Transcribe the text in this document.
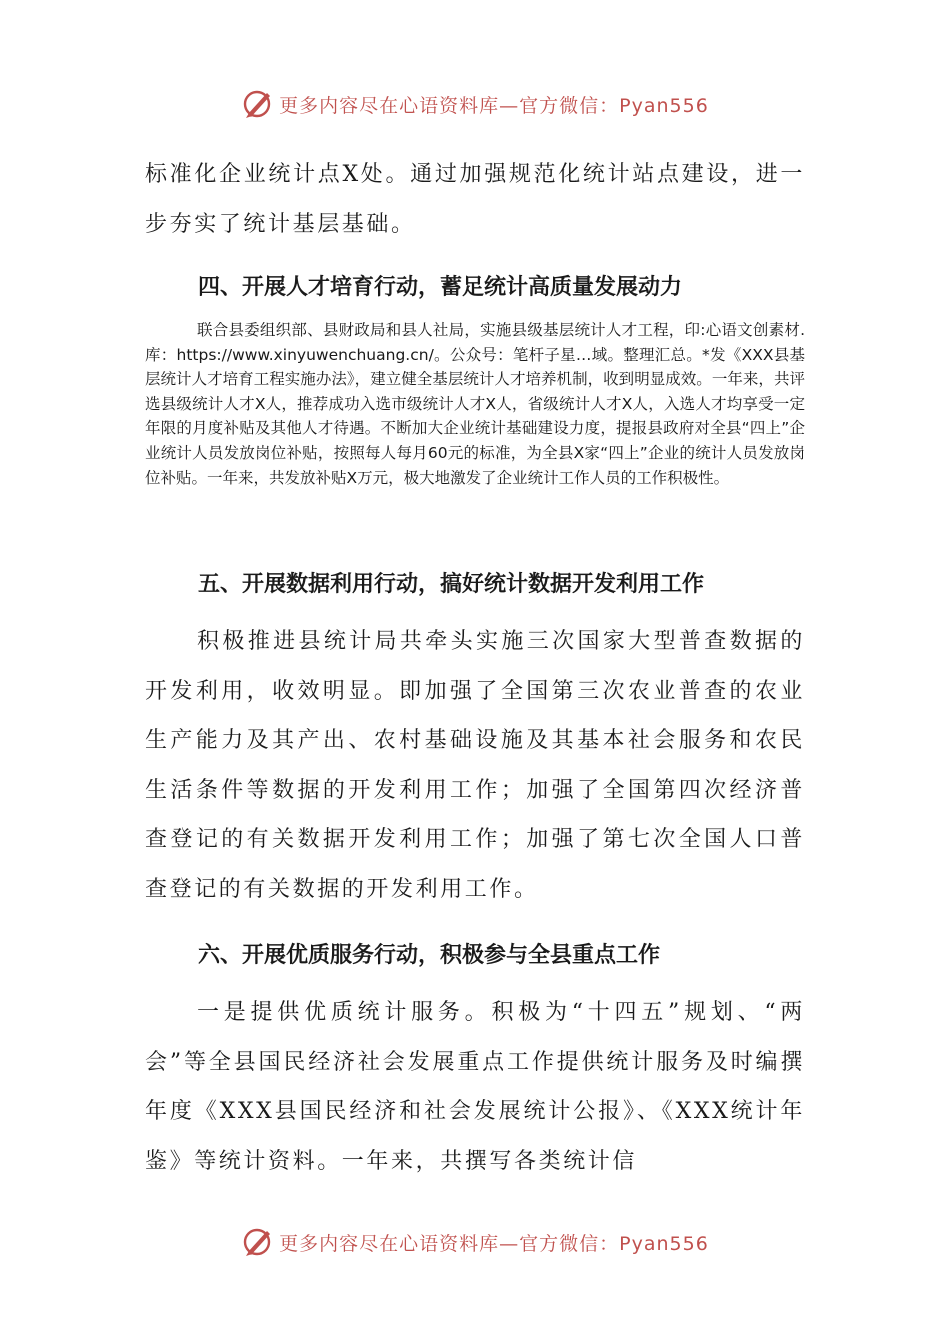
更多内容尽在心语资料库—官方微信：Pyan556

标准化企业统计点X处。通过加强规范化统计站点建设，进一步夯实了统计基层基础。

四、开展人才培育行动，蓄足统计高质量发展动力

联合县委组织部、县财政局和县人社局，实施县级基层统计人才工程，印:心语文创素材.库：https://www.xinyuwenchuang.cn/。公众号：笔杆子星…域。整理汇总。*发《XXX县基层统计人才培育工程实施办法》，建立健全基层统计人才培养机制，收到明显成效。一年来，共评选县级统计人才X人，推荐成功入选市级统计人才X人，省级统计人才X人，入选人才均享受一定年限的月度补贴及其他人才待遇。不断加大企业统计基础建设力度，提报县政府对全县“四上”企业统计人员发放岗位补贴，按照每人每月60元的标准，为全县X家“四上”企业的统计人员发放岗位补贴。一年来，共发放补贴X万元，极大地激发了企业统计工作人员的工作积极性。

五、开展数据利用行动，搞好统计数据开发利用工作

积极推进县统计局共牵头实施三次国家大型普查数据的开发利用，收效明显。即加强了全国第三次农业普查的农业生产能力及其产出、农村基础设施及其基本社会服务和农民生活条件等数据的开发利用工作；加强了全国第四次经济普查登记的有关数据开发利用工作；加强了第七次全国人口普查登记的有关数据的开发利用工作。

六、开展优质服务行动，积极参与全县重点工作

一是提供优质统计服务。积极为“十四五”规划、“两会”等全县国民经济社会发展重点工作提供统计服务及时编撰年度《XXX县国民经济和社会发展统计公报》、《XXX统计年鉴》等统计资料。一年来，共撰写各类统计信

更多内容尽在心语资料库—官方微信：Pyan556
